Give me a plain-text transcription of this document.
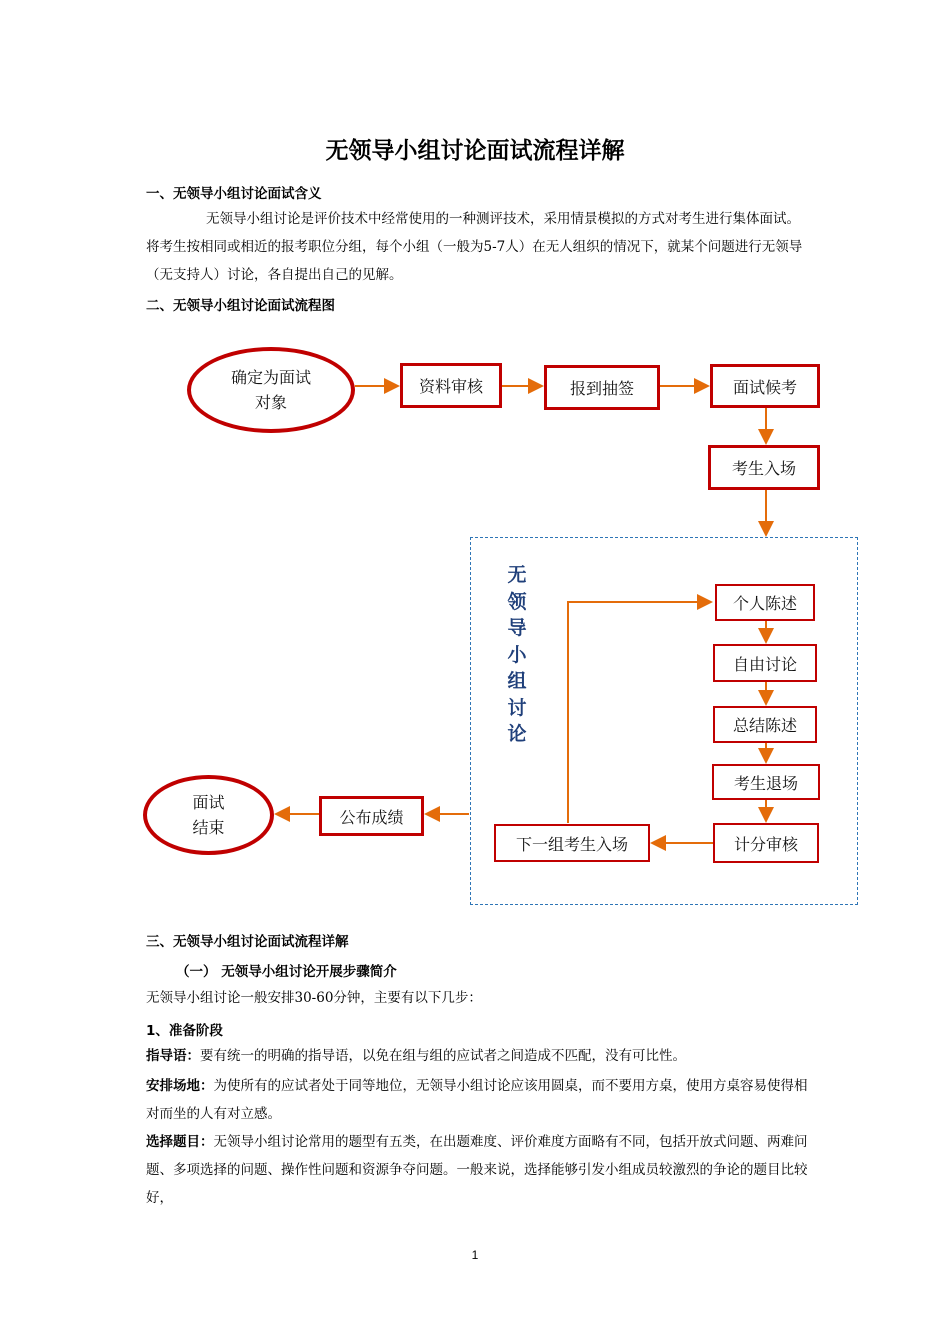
无领导小组讨论面试流程详解
一、无领导小组讨论面试含义
无领导小组讨论是评价技术中经常使用的一种测评技术，采用情景模拟的方式对考生进行集体面试。将考生按相同或相近的报考职位分组，每个小组（一般为5-7人）在无人组织的情况下，就某个问题进行无领导（无支持人）讨论，各自提出自己的见解。
二、无领导小组讨论面试流程图
确定为面试对象
资料审核	报到抽签	面试候考
考生入场
无领导小组讨论
个人陈述
自由讨论
总结陈述
考生退场
计分审核
下一组考生入场
公布成绩
面试结束
三、无领导小组讨论面试流程详解
（一） 无领导小组讨论开展步骤简介
无领导小组讨论一般安排30-60分钟，主要有以下几步：
1、准备阶段
指导语：要有统一的明确的指导语，以免在组与组的应试者之间造成不匹配，没有可比性。
安排场地：为使所有的应试者处于同等地位，无领导小组讨论应该用圆桌，而不要用方桌，使用方桌容易使得相对而坐的人有对立感。
选择题目：无领导小组讨论常用的题型有五类，在出题难度、评价难度方面略有不同，包括开放式问题、两难问题、多项选择的问题、操作性问题和资源争夺问题。一般来说，选择能够引发小组成员较激烈的争论的题目比较好，
1
